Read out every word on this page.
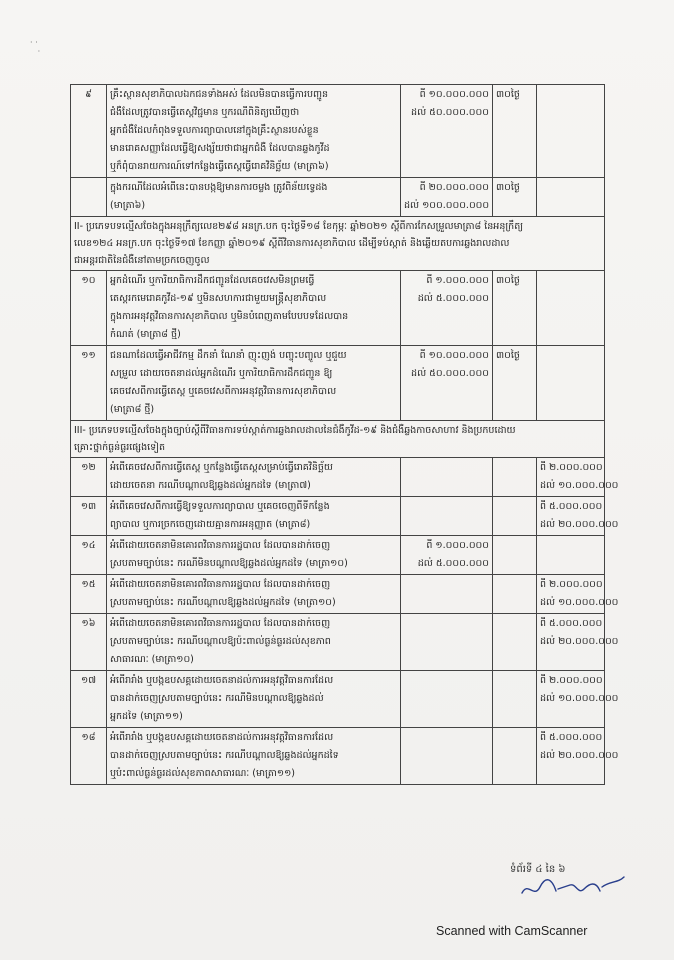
· ·
·
៩	គ្រឹះស្ថានសុខាភិបាលឯកជនទាំងអស់ ដែលមិនបានធ្វើការបញ្ជូន
ជំងឺដែលត្រូវបានធ្វើតេស្តវិជ្ជមាន ឬករណីពិនិត្យឃើញថា
អ្នកជំងឺដែលកំពុងទទួលការព្យាបាលនៅក្នុងគ្រឹះស្ថានរបស់ខ្លួន
មានរោគសញ្ញាដែលធ្វើឱ្យសង្ស័យថាជាអ្នកជំងឺ ដែលបានឆ្លងកូវីដ
ឬក៏ពុំបានរាយការណ៍ទៅកន្លែងធ្វើតេស្តធ្វើរោគវិនិច្ឆ័យ (មាត្រា៦)	ពី ១០.០០០.០០០
ដល់ ៥០.០០០.០០០	៣០ថ្ងៃ	

	ក្នុងករណីដែលអំពើនេះបានបង្កឱ្យមានការចម្លង ត្រូវពិន័យទ្វេដង
(មាត្រា៦)	ពី ២០.០០០.០០០
ដល់ ១០០.០០០.០០០	៣០ថ្ងៃ	

II- ប្រភេទបទល្មើសចែងក្នុងអនុក្រឹត្យលេខ២៩៨ អនក្រ.បក ចុះថ្ងៃទី១៨ ខែកុម្ភៈ ឆ្នាំ២០២១ ស្តីពីការកែសម្រួលមាត្រា៨ នៃអនុក្រឹត្យ
លេខ១២៤ អនក្រ.បក ចុះថ្ងៃទី១៧ ខែកញ្ញា ឆ្នាំ២០១៩ ស្តីពីវិធានការសុខាភិបាល ដើម្បីទប់ស្កាត់ និងឆ្លើយតបការឆ្លងរាលដាល
ជាអន្តរជាតិនៃជំងឺនៅតាមច្រកចេញចូល				

១០	អ្នកដំណើរ ឬការិយាធិការដឹកជញ្ជូនដែលគេចវេសមិនព្រមធ្វើ
តេស្តរកមេរោគកូវីដ-១៩ ឬមិនសហការជាមួយមន្ត្រីសុខាភិបាល
ក្នុងការអនុវត្តវិធានការសុខាភិបាល ឬមិនបំពេញតាមបែបបទដែលបាន
កំណត់ (មាត្រា៨ ថ្មី)	ពី ១.០០០.០០០
ដល់ ៥.០០០.០០០	៣០ថ្ងៃ	
១១	ជនណាដែលធ្វើអាជីវកម្ម ដឹកនាំ ណែនាំ ញុះញង់ បញ្ចុះបញ្ចូល ឬជួយ
សម្រួល ដោយចេតនាដល់អ្នកដំណើរ ឬការិយាធិការដឹកជញ្ជូន ឱ្យ
គេចវេសពីការធ្វើតេស្ត ឬគេចវេសពីការអនុវត្តវិធានការសុខាភិបាល
(មាត្រា៨ ថ្មី)	ពី ១០.០០០.០០០
ដល់ ៥០.០០០.០០០	៣០ថ្ងៃ	

III- ប្រភេទបទល្មើសចែងក្នុងច្បាប់ស្តីពីវិធានការទប់ស្កាត់ការឆ្លងរាលដាលនៃជំងឺកូវីដ-១៩ និងជំងឺឆ្លងកាចសាហាវ និងប្រកបដោយ
គ្រោះថ្នាក់ធ្ងន់ធ្ងរផ្សេងទៀត				

១២	អំពើគេចវេសពីការធ្វើតេស្ត ឬកន្លែងធ្វើតេស្តសម្រាប់ធ្វើរោគវិនិច្ឆ័យ
ដោយចេតនា ករណីបណ្តាលឱ្យឆ្លងដល់អ្នកដទៃ (មាត្រា៧)			ពី ២.០០០.០០០
ដល់ ១០.០០០.០០០

១៣	អំពើគេចវេសពីការធ្វើឱ្យទទួលការព្យាបាល ឬគេចចេញពីទីកន្លែង
ព្យាបាល ឬការច្រកចេញដោយគ្មានការអនុញ្ញាត (មាត្រា៨)			ពី ៥.០០០.០០០
ដល់ ២០.០០០.០០០

១៤	អំពើដោយចេតនាមិនគោរពវិធានការរដ្ឋបាល ដែលបានដាក់ចេញ
ស្របតាមច្បាប់នេះ ករណីមិនបណ្តាលឱ្យឆ្លងដល់អ្នកដទៃ (មាត្រា១០)	ពី ១.០០០.០០០
ដល់ ៥.០០០.០០០		

១៥	អំពើដោយចេតនាមិនគោរពវិធានការរដ្ឋបាល ដែលបានដាក់ចេញ
ស្របតាមច្បាប់នេះ ករណីបណ្តាលឱ្យឆ្លងដល់អ្នកដទៃ (មាត្រា១០)			ពី ២.០០០.០០០
ដល់ ១០.០០០.០០០

១៦	អំពើដោយចេតនាមិនគោរពវិធានការរដ្ឋបាល ដែលបានដាក់ចេញ
ស្របតាមច្បាប់នេះ ករណីបណ្តាលឱ្យប៉ះពាល់ធ្ងន់ធ្ងរដល់សុខភាព
សាធារណៈ (មាត្រា១០)			ពី ៥.០០០.០០០
ដល់ ២០.០០០.០០០

១៧	អំពើរារាំង ឬបង្កឧបសគ្គដោយចេតនាដល់ការអនុវត្តវិធានការដែល
បានដាក់ចេញស្របតាមច្បាប់នេះ ករណីមិនបណ្តាលឱ្យឆ្លងដល់
អ្នកដទៃ (មាត្រា១១)			ពី ២.០០០.០០០
ដល់ ១០.០០០.០០០

១៨	អំពើរារាំង ឬបង្កឧបសគ្គដោយចេតនាដល់ការអនុវត្តវិធានការដែល
បានដាក់ចេញស្របតាមច្បាប់នេះ ករណីបណ្តាលឱ្យឆ្លងដល់អ្នកដទៃ
ឬប៉ះពាល់ធ្ងន់ធ្ងរដល់សុខភាពសាធារណៈ (មាត្រា១១)			ពី ៥.០០០.០០០
ដល់ ២០.០០០.០០០
ទំព័រទី ៤ នៃ ៦
Scanned with CamScanner
